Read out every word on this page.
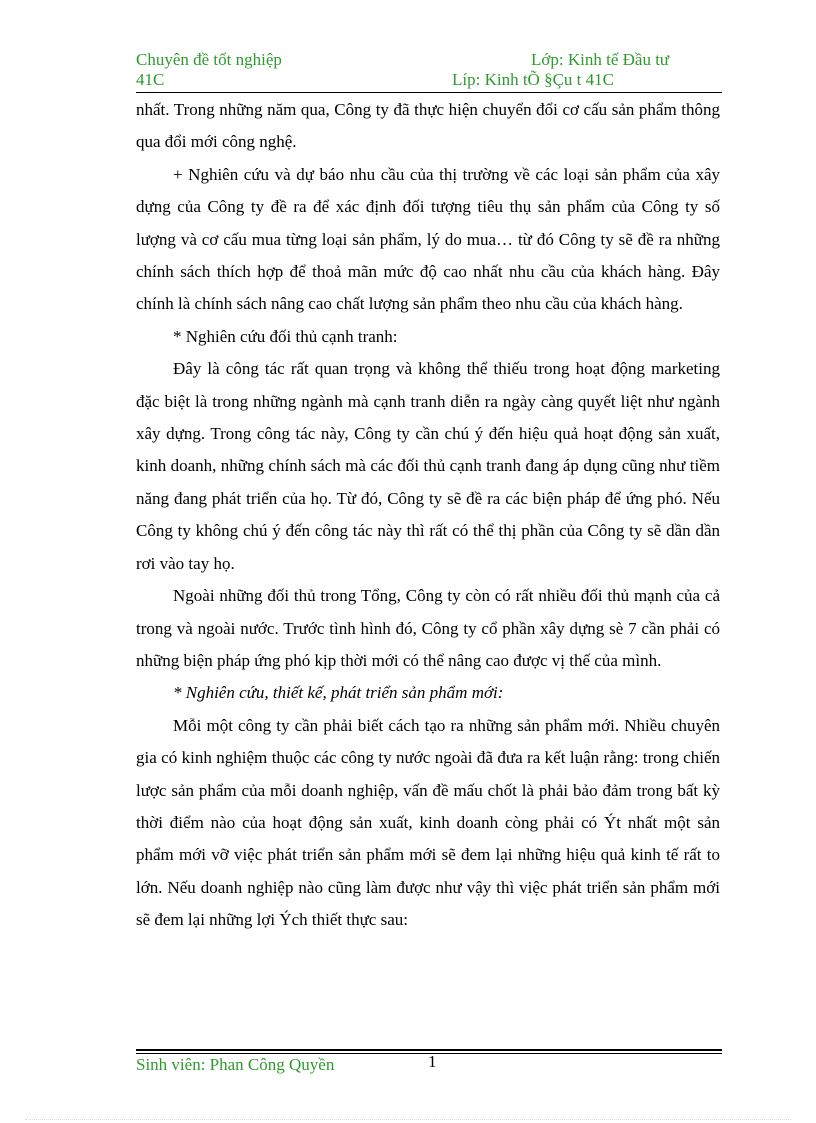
Chuyên đề tốt nghiệp	Lớp: Kinh tế Đầu tư
41C	Líp: Kinh tÕ §Çu t 41C

nhất. Trong những năm qua, Công ty đã thực hiện chuyển đổi cơ cấu sản phẩm thông qua đổi mới công nghệ.

+ Nghiên cứu và dự báo nhu cầu của thị trường về các loại sản phẩm của xây dựng của Công ty đề ra để xác định đối tượng tiêu thụ sản phẩm của Công ty số lượng và cơ cấu mua từng loại sản phẩm, lý do mua… từ đó Công ty sẽ đề ra những chính sách thích hợp để thoả mãn mức độ cao nhất nhu cầu của khách hàng. Đây chính là chính sách nâng cao chất lượng sản phẩm theo nhu cầu của khách hàng.

* Nghiên cứu đối thủ cạnh tranh:

Đây là công tác rất quan trọng và không thể thiếu trong hoạt động marketing đặc biệt là trong những ngành mà cạnh tranh diễn ra ngày càng quyết liệt như ngành xây dựng. Trong công tác này, Công ty cần chú ý đến hiệu quả hoạt động sản xuất, kinh doanh, những chính sách mà các đối thủ cạnh tranh đang áp dụng cũng như tiềm năng đang phát triển của họ. Từ đó, Công ty sẽ đề ra các biện pháp để ứng phó. Nếu Công ty không chú ý đến công tác này thì rất có thể thị phần của Công ty sẽ dần dần rơi vào tay họ.

Ngoài những đối thủ trong Tổng, Công ty còn có rất nhiều đối thủ mạnh của cả trong và ngoài nước. Trước tình hình đó, Công ty cổ phần xây dựng sè 7 cần phải có những biện pháp ứng phó kịp thời mới có thể nâng cao được vị thế của mình.

* Nghiên cứu, thiết kế, phát triển sản phẩm mới:

Mỗi một công ty cần phải biết cách tạo ra những sản phẩm mới. Nhiều chuyên gia có kinh nghiệm thuộc các công ty nước ngoài đã đưa ra kết luận rằng: trong chiến lược sản phẩm của mỗi doanh nghiệp, vấn đề mấu chốt là phải bảo đảm trong bất kỳ thời điểm nào của hoạt động sản xuất, kinh doanh còng phải có Ýt nhất một sản phẩm mới vỡ việc phát triển sản phẩm mới sẽ đem lại những hiệu quả kinh tế rất to lớn. Nếu doanh nghiệp nào cũng làm được như vậy thì việc phát triển sản phẩm mới sẽ đem lại những lợi Ých thiết thực sau:

Sinh viên: Phan Công Quyền	1
